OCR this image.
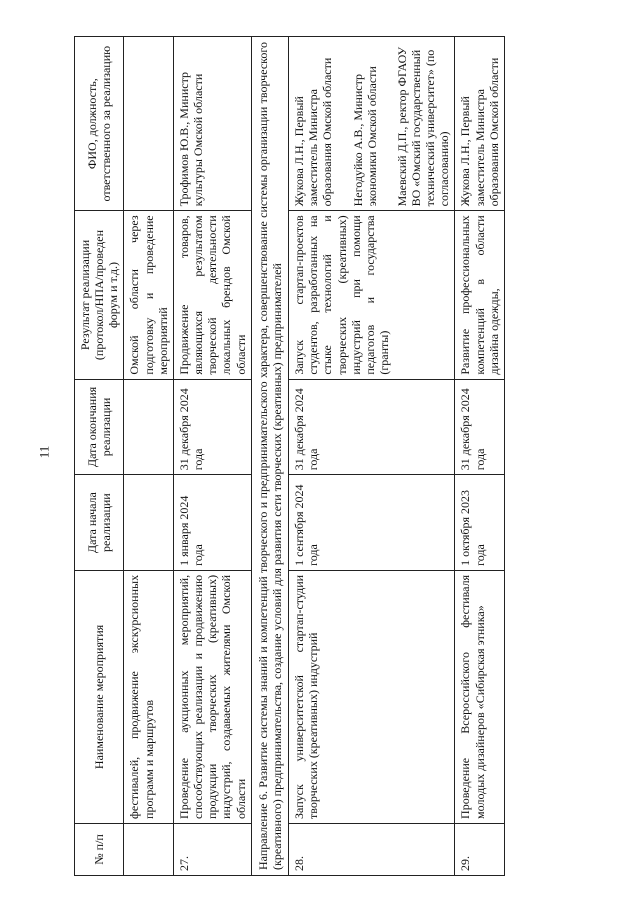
11
№ п/п	Наименование мероприятия	Дата начала реализации	Дата окончания реализации	Результат реализации (протокол/НПА/проведен форум и т.д.)	ФИО, должность, ответственного за реализацию
	фестивалей, продвижение экскурсионных программ и маршрутов			Омской области через подготовку и проведение мероприятий	
27.	Проведение аукционных мероприятий, способствующих реализации и продвижению продукции творческих (креативных) индустрий, создаваемых жителями Омской области	1 января 2024 года	31 декабря 2024 года	Продвижение товаров, являющихся результатом творческой деятельности локальных брендов Омской области	Трофимов Ю.В., Министр культуры Омской области
Направление 6. Развитие системы знаний и компетенций творческого и предпринимательского характера, совершенствование системы организации творческого (креативного) предпринимательства, создание условий для развития сети творческих (креативных) предпринимателей					
28.	Запуск университетской стартап-студии творческих (креативных) индустрий	1 сентября 2024 года	31 декабря 2024 года	Запуск стартап-проектов студентов, разработанных на стыке технологий и творческих (креативных) индустрий при помощи педагогов и государства (гранты)	Жукова Л.Н., Первый заместитель Министра образования Омской области Негодуйко А.В., Министр экономики Омской области Маевский Д.П., ректор ФГАОУ ВО «Омский государственный технический университет» (по согласованию)

29.	Проведение Всероссийского фестиваля молодых дизайнеров «Сибирская этника»	1 октября 2023 года	31 декабря 2024 года	Развитие профессиональных компетенций в области дизайна одежды,	Жукова Л.Н., Первый заместитель Министра образования Омской области
